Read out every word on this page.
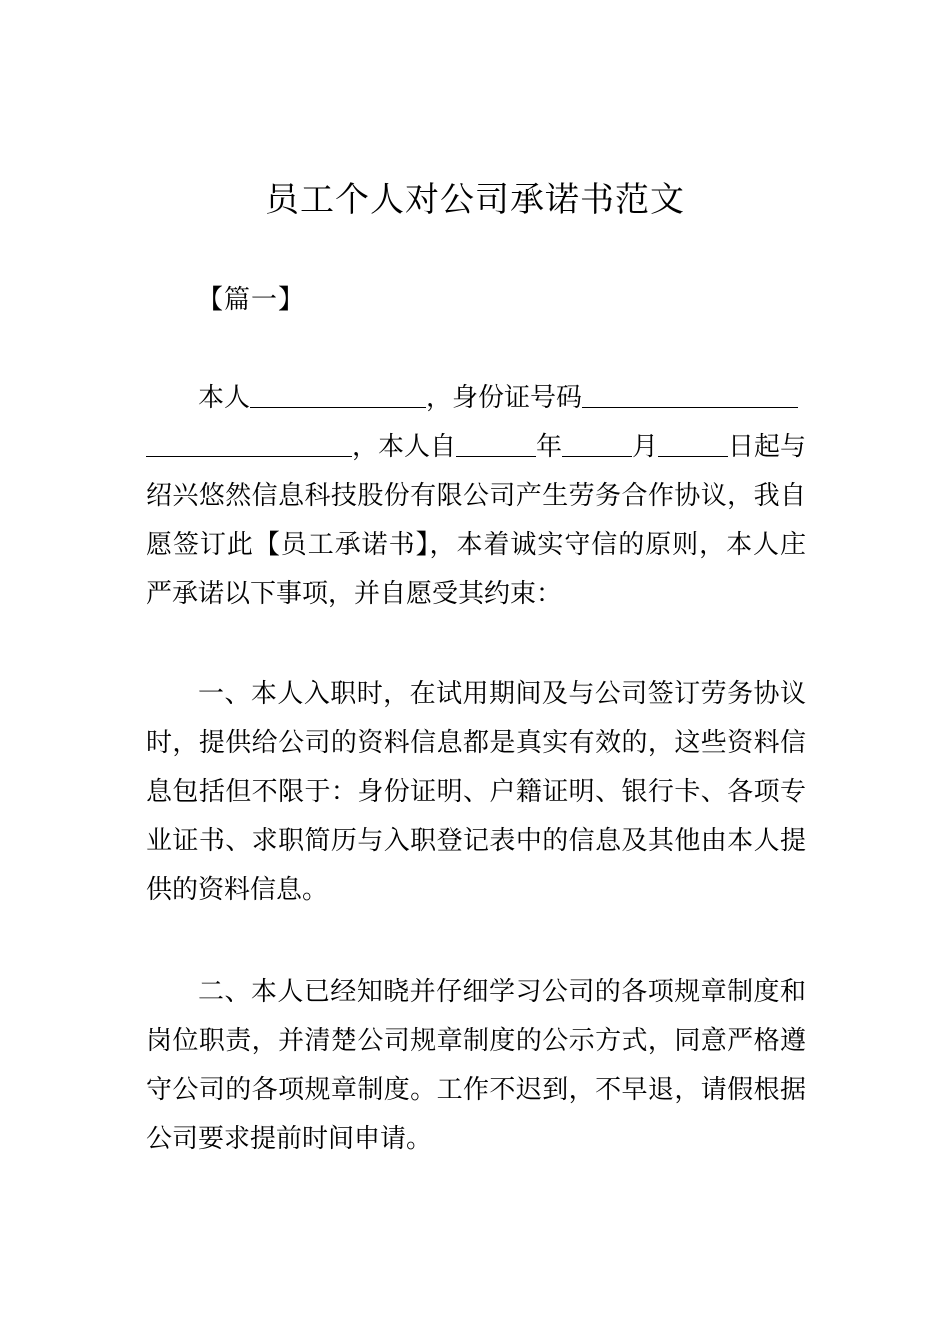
员工个人对公司承诺书范文
【篇一】
本人	，身份证号码
，本人自	年	月	日起与
绍兴悠然信息科技股份有限公司产生劳务合作协议，我自
愿签订此【员工承诺书】，本着诚实守信的原则，本人庄
严承诺以下事项，并自愿受其约束：
一、本人入职时，在试用期间及与公司签订劳务协议
时，提供给公司的资料信息都是真实有效的，这些资料信
息包括但不限于：身份证明、户籍证明、银行卡、各项专
业证书、求职简历与入职登记表中的信息及其他由本人提
供的资料信息。
二、本人已经知晓并仔细学习公司的各项规章制度和
岗位职责，并清楚公司规章制度的公示方式，同意严格遵
守公司的各项规章制度。工作不迟到，不早退，请假根据
公司要求提前时间申请。
